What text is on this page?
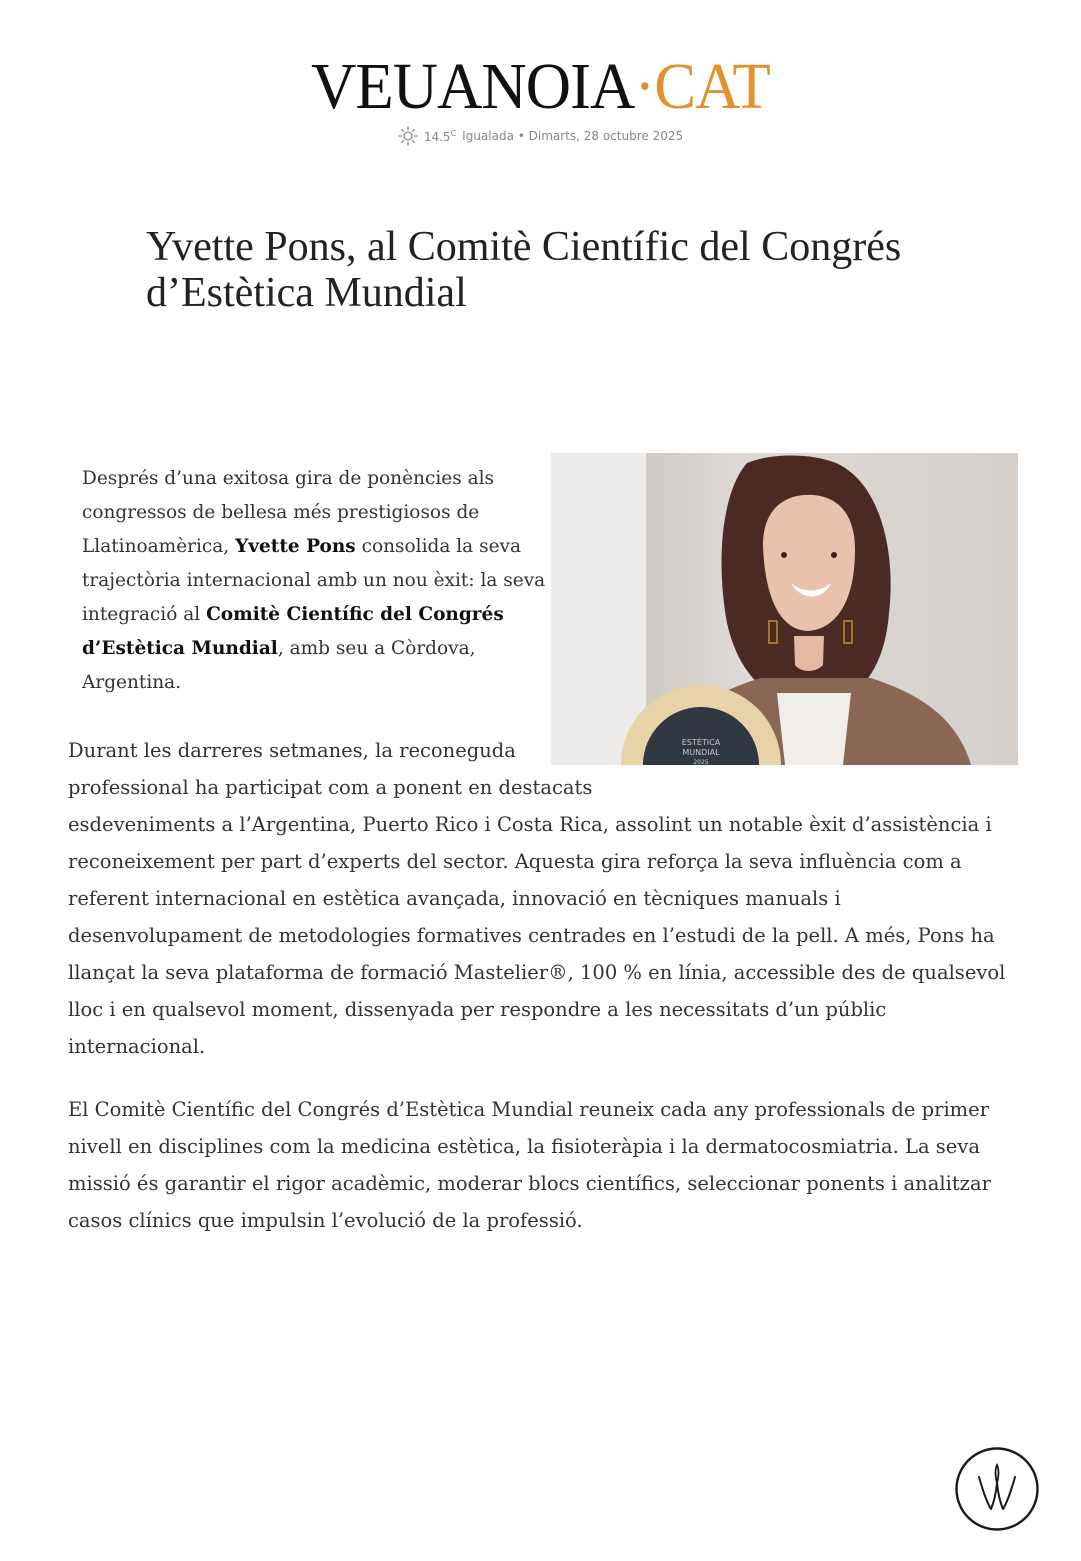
VEUANOIA·CAT
$14.5^C$ Igualada • Dimarts, 28 octubre 2025
Yvette Pons, al Comitè Científic del Congrés d’Estètica Mundial

Després d’una exitosa gira de ponències als congressos de bellesa més prestigiosos de Llatinoamèrica, Yvette Pons consolida la seva trajectòria internacional amb un nou èxit: la seva integració al Comitè Científic del Congrés d’Estètica Mundial, amb seu a Còrdova, Argentina.

ESTÈTICA
MUNDIAL
2025

Durant les darreres setmanes, la reconeguda professional ha participat com a ponent en destacats
esdeveniments a l’Argentina, Puerto Rico i Costa Rica, assolint un notable èxit d’assistència i reconeixement per part d’experts del sector. Aquesta gira reforça la seva influència com a referent internacional en estètica avançada, innovació en tècniques manuals i desenvolupament de metodologies formatives centrades en l’estudi de la pell. A més, Pons ha llançat la seva plataforma de formació Mastelier®, 100 % en línia, accessible des de qualsevol lloc i en qualsevol moment, dissenyada per respondre a les necessitats d’un públic internacional.

El Comitè Científic del Congrés d’Estètica Mundial reuneix cada any professionals de primer nivell en disciplines com la medicina estètica, la fisioteràpia i la dermatocosmiatria. La seva missió és garantir el rigor acadèmic, moderar blocs científics, seleccionar ponents i analitzar casos clínics que impulsin l’evolució de la professió.
